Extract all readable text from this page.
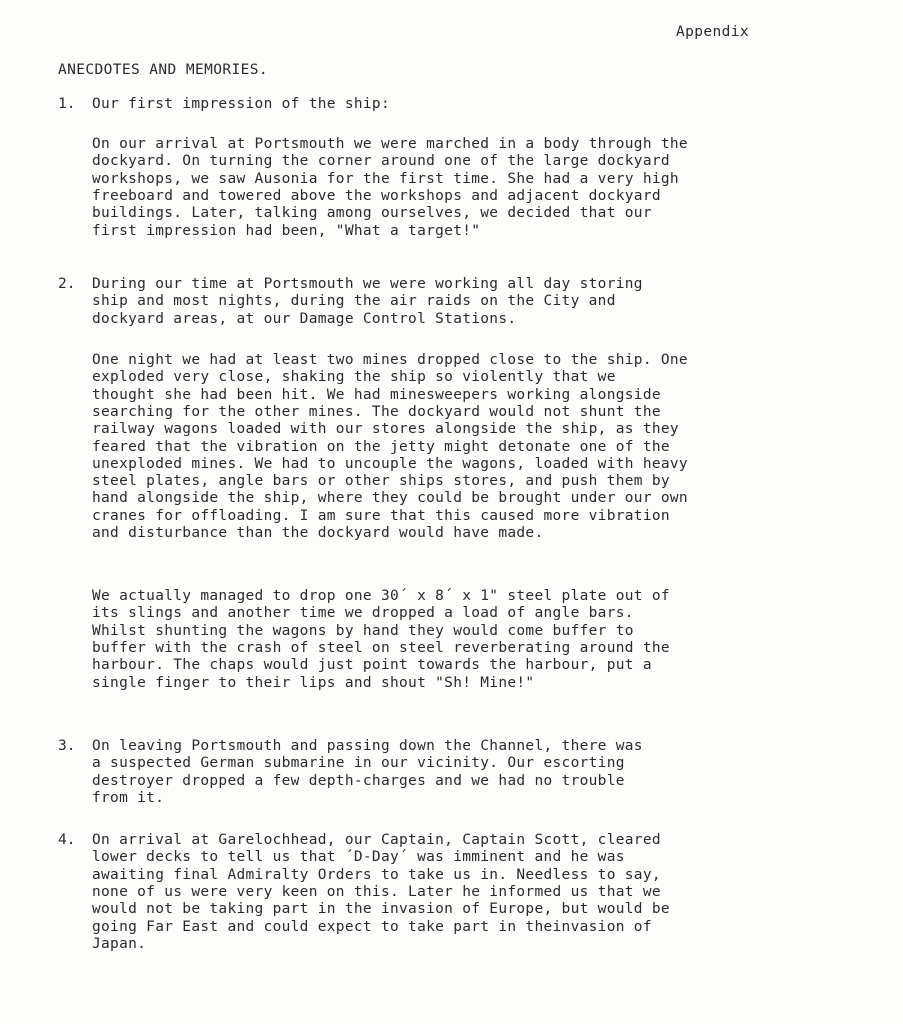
Appendix
ANECDOTES AND MEMORIES.
1. Our first impression of the ship:
On our arrival at Portsmouth we were marched in a body through the
dockyard. On turning the corner around one of the large dockyard
workshops, we saw Ausonia for the first time. She had a very high
freeboard and towered above the workshops and adjacent dockyard
buildings. Later, talking among ourselves, we decided that our
first impression had been, "What a target!"
2. During our time at Portsmouth we were working all day storing
ship and most nights, during the air raids on the City and
dockyard areas, at our Damage Control Stations.
One night we had at least two mines dropped close to the ship. One
exploded very close, shaking the ship so violently that we
thought she had been hit. We had minesweepers working alongside
searching for the other mines. The dockyard would not shunt the
railway wagons loaded with our stores alongside the ship, as they
feared that the vibration on the jetty might detonate one of the
unexploded mines. We had to uncouple the wagons, loaded with heavy
steel plates, angle bars or other ships stores, and push them by
hand alongside the ship, where they could be brought under our own
cranes for offloading. I am sure that this caused more vibration
and disturbance than the dockyard would have made.
We actually managed to drop one 30´ x 8´ x 1" steel plate out of
its slings and another time we dropped a load of angle bars.
Whilst shunting the wagons by hand they would come buffer to
buffer with the crash of steel on steel reverberating around the
harbour. The chaps would just point towards the harbour, put a
single finger to their lips and shout "Sh! Mine!"
3. On leaving Portsmouth and passing down the Channel, there was
a suspected German submarine in our vicinity. Our escorting
destroyer dropped a few depth-charges and we had no trouble
from it.
4. On arrival at Garelochhead, our Captain, Captain Scott, cleared
lower decks to tell us that ´D-Day´ was imminent and he was
awaiting final Admiralty Orders to take us in. Needless to say,
none of us were very keen on this. Later he informed us that we
would not be taking part in the invasion of Europe, but would be
going Far East and could expect to take part in theinvasion of
Japan.
